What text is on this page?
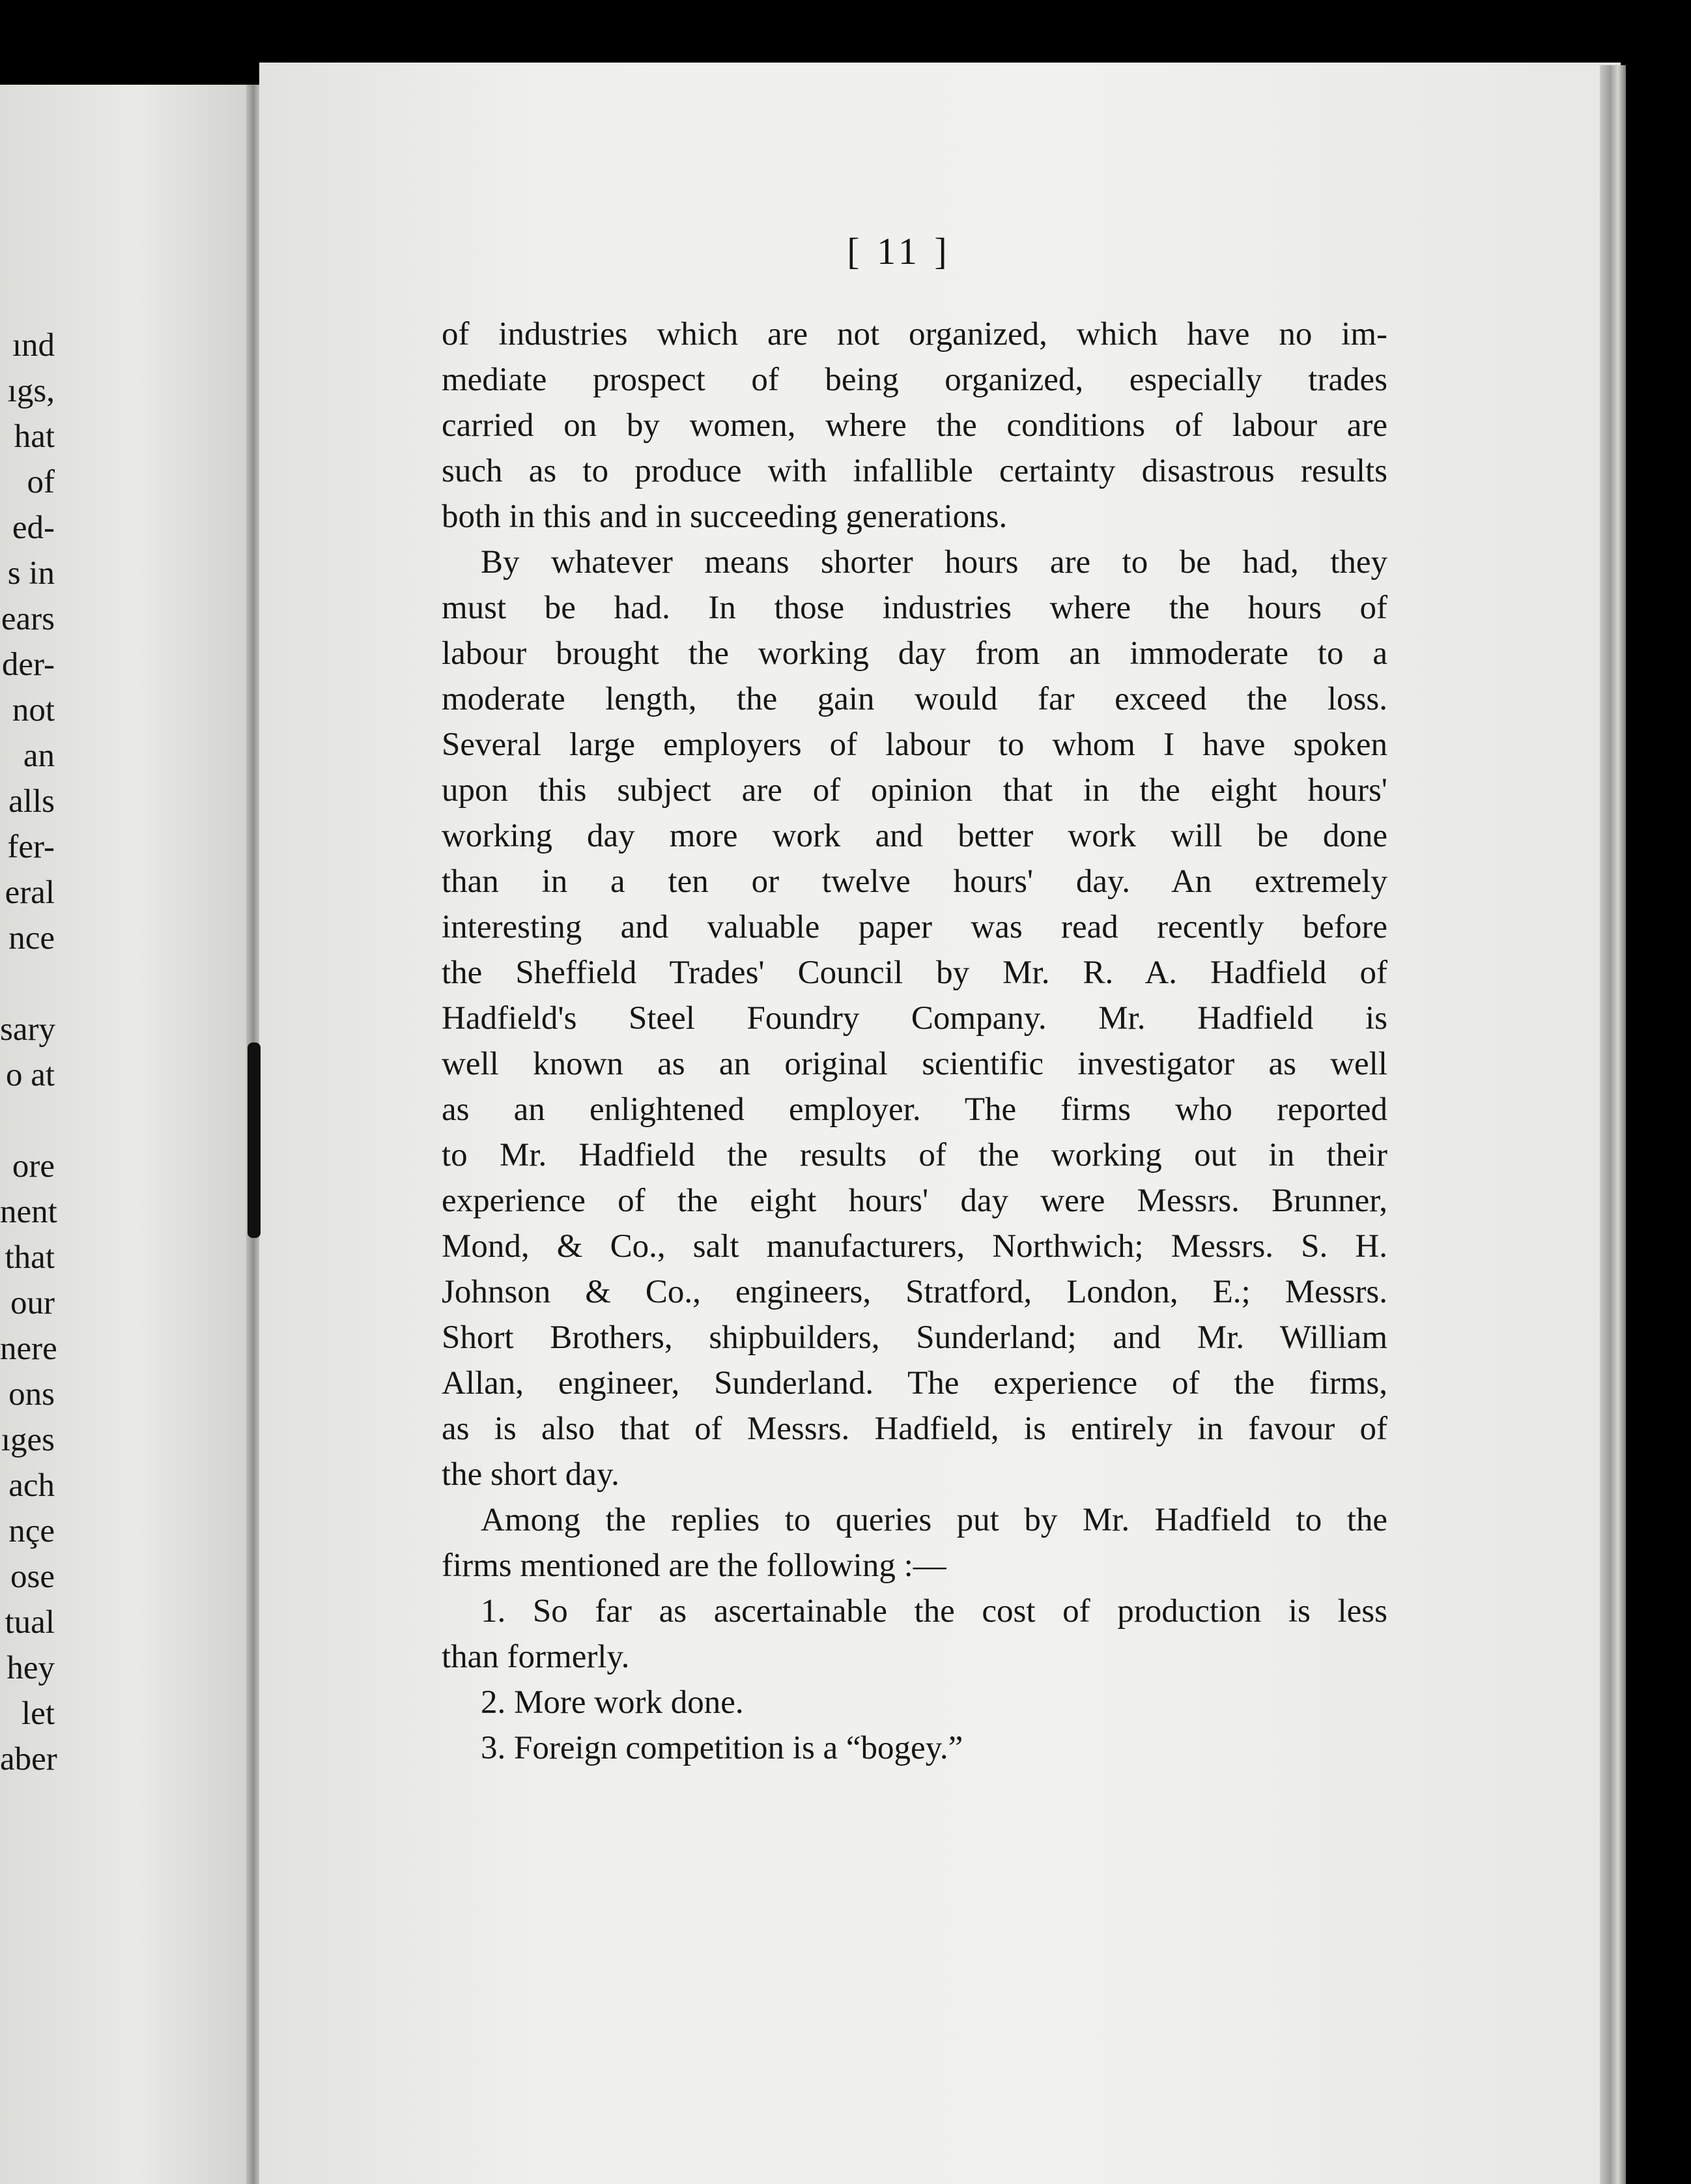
ınd
ıgs,
hat
of
ed-
s in
ears
der-
not
an
alls
fer-
eral
nce
sary
o at
ore
nent
that
our
nere
ons
ıges
ach
nçe
ose
tual
hey
let
aber
[ 11 ]
of industries which are not organized, which have no im-
mediate prospect of being organized, especially trades
carried on by women, where the conditions of labour are
such as to produce with infallible certainty disastrous results
both in this and in succeeding generations.
By whatever means shorter hours are to be had, they
must be had. In those industries where the hours of
labour brought the working day from an immoderate to a
moderate length, the gain would far exceed the loss.
Several large employers of labour to whom I have spoken
upon this subject are of opinion that in the eight hours'
working day more work and better work will be done
than in a ten or twelve hours' day. An extremely
interesting and valuable paper was read recently before
the Sheffield Trades' Council by Mr. R. A. Hadfield of
Hadfield's Steel Foundry Company. Mr. Hadfield is
well known as an original scientific investigator as well
as an enlightened employer. The firms who reported
to Mr. Hadfield the results of the working out in their
experience of the eight hours' day were Messrs. Brunner,
Mond, & Co., salt manufacturers, Northwich; Messrs. S. H.
Johnson & Co., engineers, Stratford, London, E.; Messrs.
Short Brothers, shipbuilders, Sunderland; and Mr. William
Allan, engineer, Sunderland. The experience of the firms,
as is also that of Messrs. Hadfield, is entirely in favour of
the short day.
Among the replies to queries put by Mr. Hadfield to the
firms mentioned are the following :—
1. So far as ascertainable the cost of production is less
than formerly.
2. More work done.
3. Foreign competition is a “bogey.”
